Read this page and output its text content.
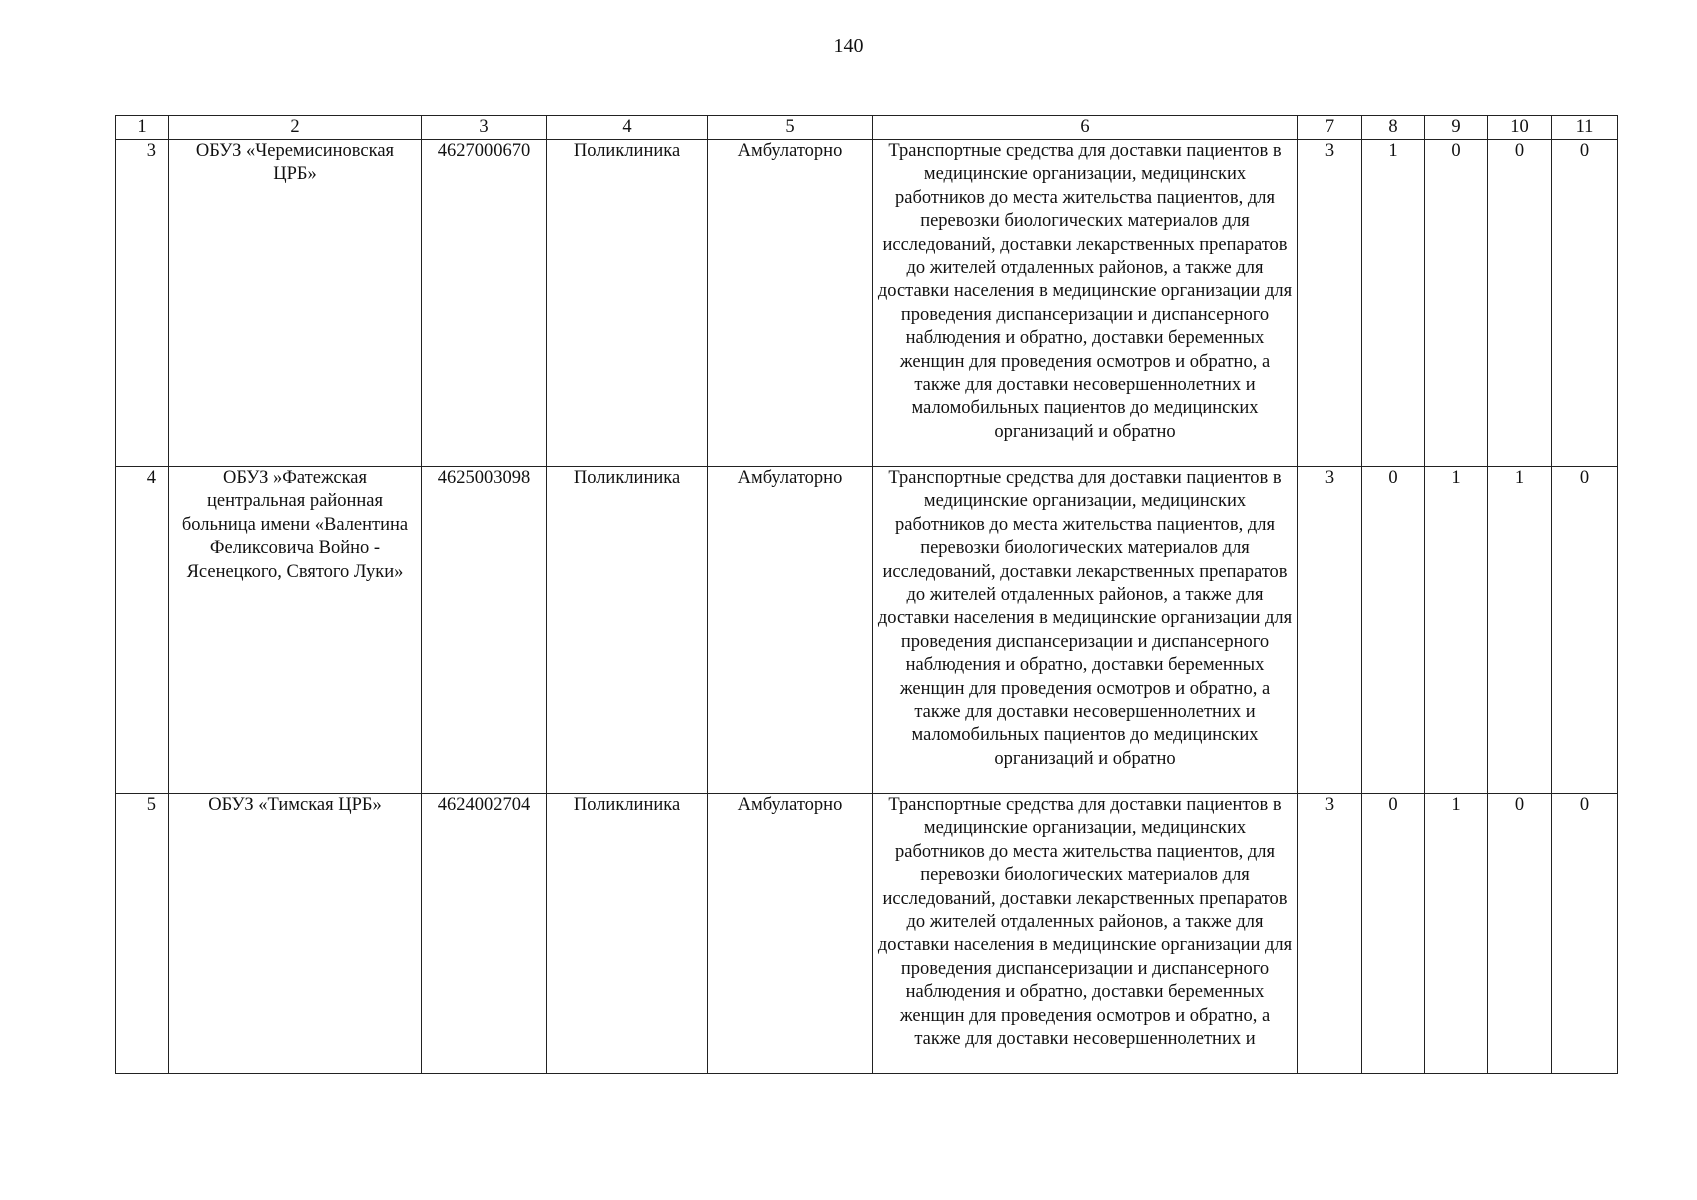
140
1	2	3	4	5	6	7	8	9	10	11
3	ОБУЗ «Черемисиновская ЦРБ»	4627000670	Поликлиника	Амбулаторно	Транспортные средства для доставки пациентов в медицинские организации, медицинских работников до места жительства пациентов, для перевозки биологических материалов для исследований, доставки лекарственных препаратов до жителей отдаленных районов, а также для доставки населения в медицинские организации для проведения диспансеризации и диспансерного наблюдения и обратно, доставки беременных женщин для проведения осмотров и обратно, а также для доставки несовершеннолетних и маломобильных пациентов до медицинских организаций и обратно	3	1	0	0	0
4	ОБУЗ »Фатежская центральная районная больница имени «Валентина Феликсовича Войно - Ясенецкого, Святого Луки»	4625003098	Поликлиника	Амбулаторно	Транспортные средства для доставки пациентов в медицинские организации, медицинских работников до места жительства пациентов, для перевозки биологических материалов для исследований, доставки лекарственных препаратов до жителей отдаленных районов, а также для доставки населения в медицинские организации для проведения диспансеризации и диспансерного наблюдения и обратно, доставки беременных женщин для проведения осмотров и обратно, а также для доставки несовершеннолетних и маломобильных пациентов до медицинских организаций и обратно	3	0	1	1	0
5	ОБУЗ «Тимская ЦРБ»	4624002704	Поликлиника	Амбулаторно	Транспортные средства для доставки пациентов в медицинские организации, медицинских работников до места жительства пациентов, для перевозки биологических материалов для исследований, доставки лекарственных препаратов до жителей отдаленных районов, а также для доставки населения в медицинские организации для проведения диспансеризации и диспансерного наблюдения и обратно, доставки беременных женщин для проведения осмотров и обратно, а также для доставки несовершеннолетних и	3	0	1	0	0
